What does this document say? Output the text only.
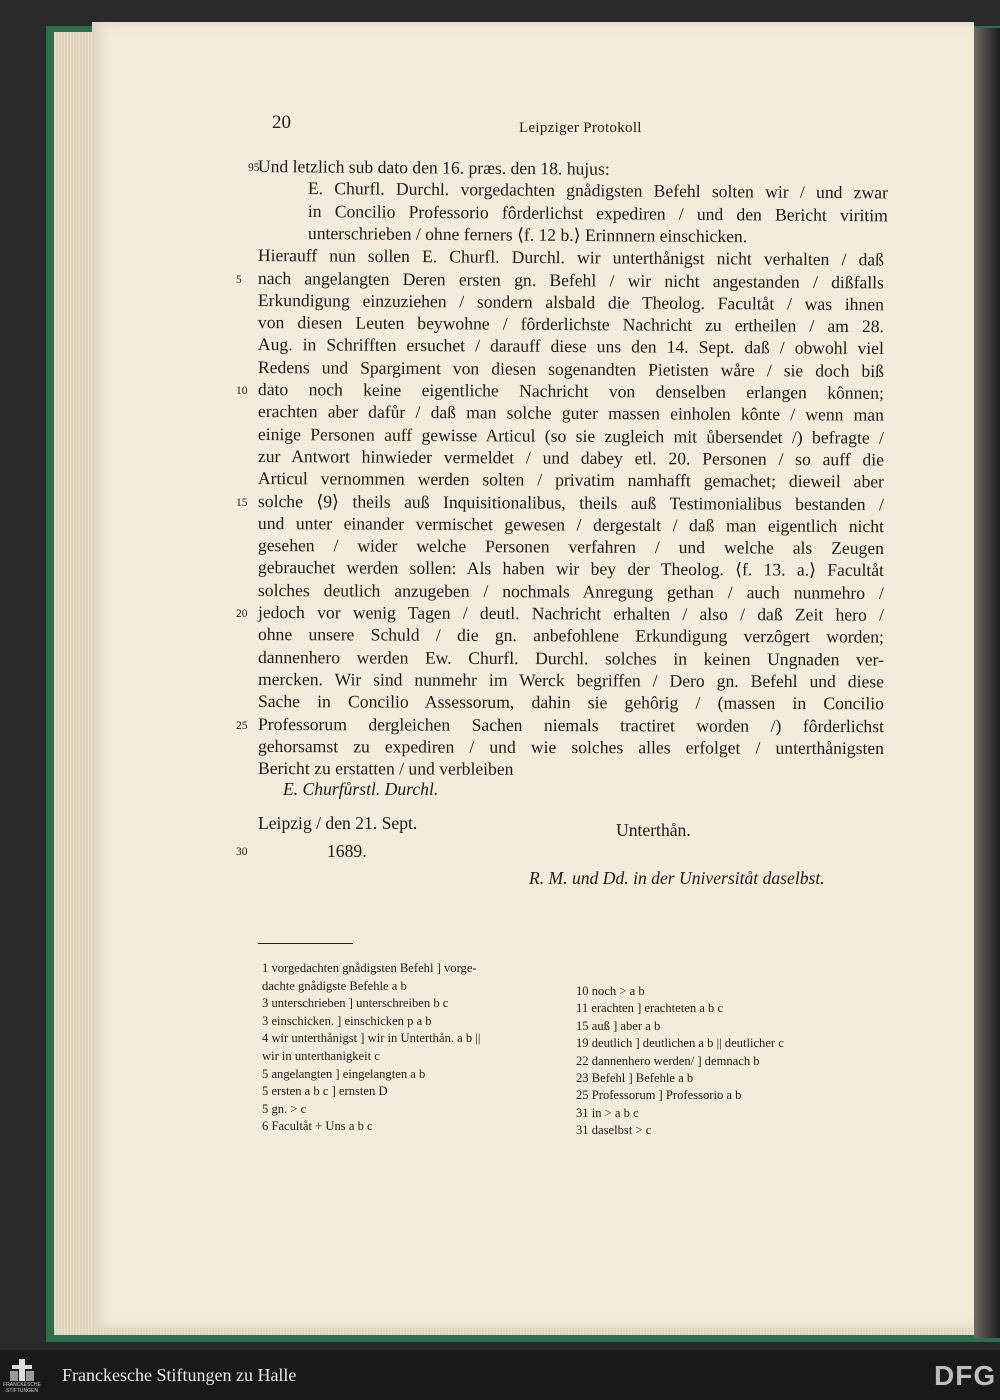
20	Leipziger Protokoll
Und letzlich sub dato den 16. præs. den 18. hujus:
95
E. Churfl. Durchl. vorgedachten gnådigsten Befehl solten wir / und zwar
in Concilio Professorio fôrderlichst expediren / und den Bericht viritim
unterschrieben / ohne ferners ⟨f. 12 b.⟩ Erinnnern einschicken.
Hierauff nun sollen E. Churfl. Durchl. wir unterthånigst nicht verhalten / daß
nach angelangten Deren ersten gn. Befehl / wir nicht angestanden / dißfalls
5
Erkundigung einzuziehen / sondern alsbald die Theolog. Facultåt / was ihnen
von diesen Leuten beywohne / fôrderlichste Nachricht zu ertheilen / am 28.
Aug. in Schrifften ersuchet / darauff diese uns den 14. Sept. daß / obwohl viel
Redens und Spargiment von diesen sogenandten Pietisten wåre / sie doch biß
dato noch keine eigentliche Nachricht von denselben erlangen kônnen;
10
erachten aber dafůr / daß man solche guter massen einholen kônte / wenn man
einige Personen auff gewisse Articul (so sie zugleich mit ůbersendet /) befragte /
zur Antwort hinwieder vermeldet / und dabey etl. 20. Personen / so auff die
Articul vernommen werden solten / privatim namhafft gemachet; dieweil aber
solche ⟨9⟩ theils auß Inquisitionalibus, theils auß Testimonialibus bestanden /
15
und unter einander vermischet gewesen / dergestalt / daß man eigentlich nicht
gesehen / wider welche Personen verfahren / und welche als Zeugen
gebrauchet werden sollen: Als haben wir bey der Theolog. ⟨f. 13. a.⟩ Facultåt
solches deutlich anzugeben / nochmals Anregung gethan / auch nunmehro /
jedoch vor wenig Tagen / deutl. Nachricht erhalten / also / daß Zeit hero /
20
ohne unsere Schuld / die gn. anbefohlene Erkundigung verzôgert worden;
dannenhero werden Ew. Churfl. Durchl. solches in keinen Ungnaden ver-
mercken. Wir sind nunmehr im Werck begriffen / Dero gn. Befehl und diese
Sache in Concilio Assessorum, dahin sie gehôrig / (massen in Concilio
Professorum dergleichen Sachen niemals tractiret worden /) fôrderlichst
25
gehorsamst zu expediren / und wie solches alles erfolget / unterthånigsten
Bericht zu erstatten / und verbleiben
E. Churfůrstl. Durchl.
Leipzig / den 21. Sept.	Unterthån.
30	1689.
R. M. und Dd. in der Universitåt daselbst.
1 vorgedachten gnådigsten Befehl ] vorge-
dachte gnådigste Befehle a b
3 unterschrieben ] unterschreiben b c
3 einschicken. ] einschicken p a b
4 wir unterthånigst ] wir in Unterthån. a b ||
wir in unterthanigkeit c
5 angelangten ] eingelangten a b
5 ersten a b c ] ernsten D
5 gn. > c
6 Facultåt + Uns a b c
10 noch > a b
11 erachten ] erachteten a b c
15 auß ] aber a b
19 deutlich ] deutlichen a b || deutlicher c
22 dannenhero werden/ ] demnach b
23 Befehl ] Befehle a b
25 Professorum ] Professorio a b
31 in > a b c
31 daselbst > c
FRANCKESCHE STIFTUNGEN
Franckesche Stiftungen zu Halle	DFG
